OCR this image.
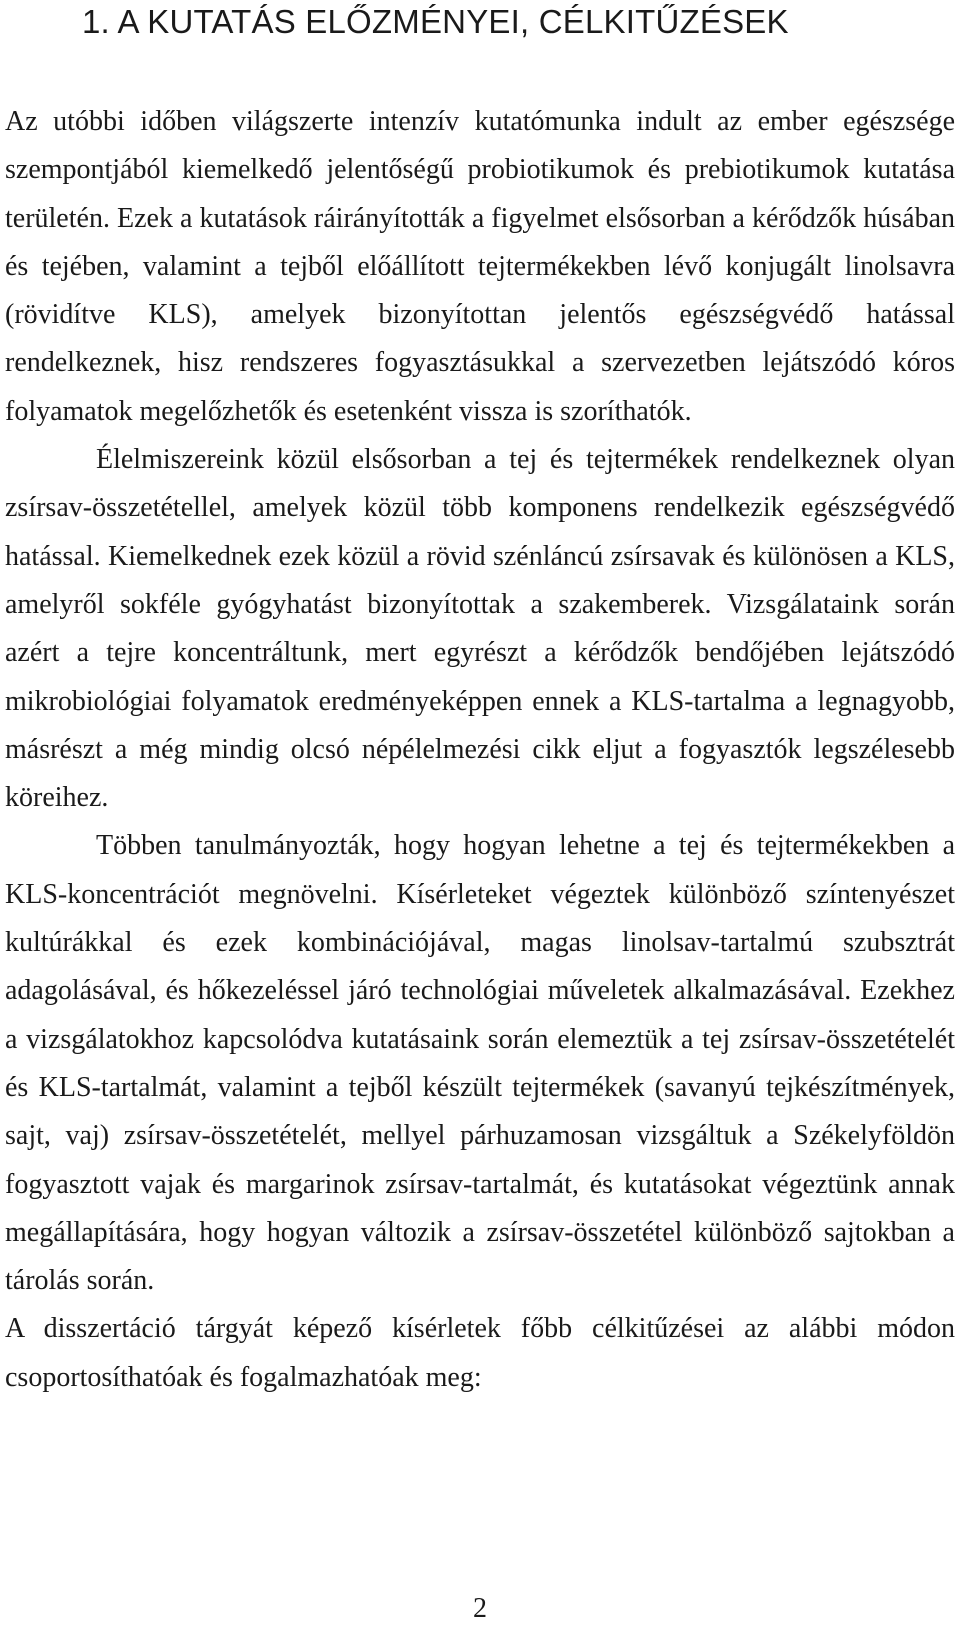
1. A KUTATÁS ELŐZMÉNYEI, CÉLKITŰZÉSEK

Az utóbbi időben világszerte intenzív kutatómunka indult az ember egészsége szempontjából kiemelkedő jelentőségű probiotikumok és prebiotikumok kutatása területén. Ezek a kutatások ráirányították a figyelmet elsősorban a kérődzők húsában és tejében, valamint a tejből előállított tejtermékekben lévő konjugált linolsavra (rövidítve KLS), amelyek bizonyítottan jelentős egészségvédő hatással rendelkeznek, hisz rendszeres fogyasztásukkal a szervezetben lejátszódó kóros folyamatok megelőzhetők és esetenként vissza is szoríthatók.

Élelmiszereink közül elsősorban a tej és tejtermékek rendelkeznek olyan zsírsav-összetétellel, amelyek közül több komponens rendelkezik egészségvédő hatással. Kiemelkednek ezek közül a rövid szénláncú zsírsavak és különösen a KLS, amelyről sokféle gyógyhatást bizonyítottak a szakemberek. Vizsgálataink során azért a tejre koncentráltunk, mert egyrészt a kérődzők bendőjében lejátszódó mikrobiológiai folyamatok eredményeképpen ennek a KLS-tartalma a legnagyobb, másrészt a még mindig olcsó népélelmezési cikk eljut a fogyasztók legszélesebb köreihez.

Többen tanulmányozták, hogy hogyan lehetne a tej és tejtermékekben a KLS-koncentrációt megnövelni. Kísérleteket végeztek különböző színtenyészet kultúrákkal és ezek kombinációjával, magas linolsav-tartalmú szubsztrát adagolásával, és hőkezeléssel járó technológiai műveletek alkalmazásával. Ezekhez a vizsgálatokhoz kapcsolódva kutatásaink során elemeztük a tej zsírsav-összetételét és KLS-tartalmát, valamint a tejből készült tejtermékek (savanyú tejkészítmények, sajt, vaj) zsírsav-összetételét, mellyel párhuzamosan vizsgáltuk a Székelyföldön fogyasztott vajak és margarinok zsírsav-tartalmát, és kutatásokat végeztünk annak megállapítására, hogy hogyan változik a zsírsav-összetétel különböző sajtokban a tárolás során.

A disszertáció tárgyát képező kísérletek főbb célkitűzései az alábbi módon csoportosíthatóak és fogalmazhatóak meg:

2
